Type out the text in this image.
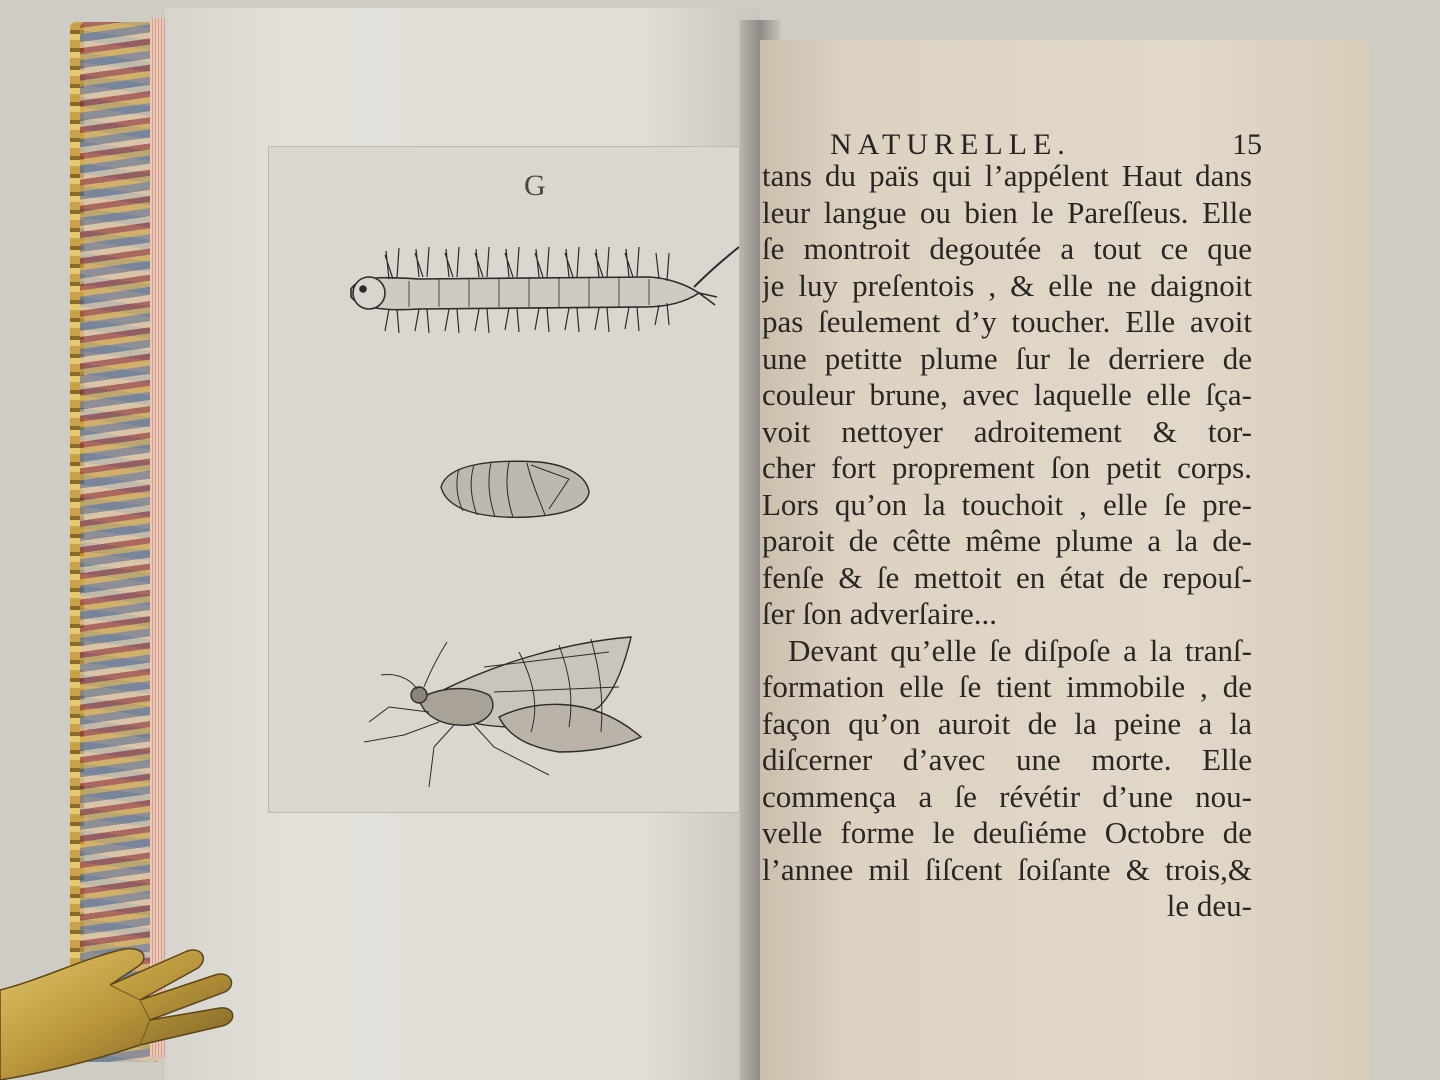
G
NATURELLE.	15
tans du païs qui l’appélent Haut dans
leur langue ou bien le Pareſſeus. Elle
ſe montroit degoutée a tout ce que
je luy preſentois , & elle ne daignoit
pas ſeulement d’y toucher. Elle avoit
une petitte plume ſur le derriere de
couleur brune, avec laquelle elle ſça-
voit nettoyer adroitement & tor-
cher fort proprement ſon petit corps.
Lors qu’on la touchoit , elle ſe pre-
paroit de cêtte même plume a la de-
fenſe & ſe mettoit en état de repouſ-
ſer ſon adverſaire...
Devant qu’elle ſe diſpoſe a la tranſ-
formation elle ſe tient immobile , de
façon qu’on auroit de la peine a la
diſcerner d’avec une morte. Elle
commença a ſe révétir d’une nou-
velle forme le deuſiéme Octobre de
l’annee mil ſiſcent ſoiſante & trois,&
le deu-
